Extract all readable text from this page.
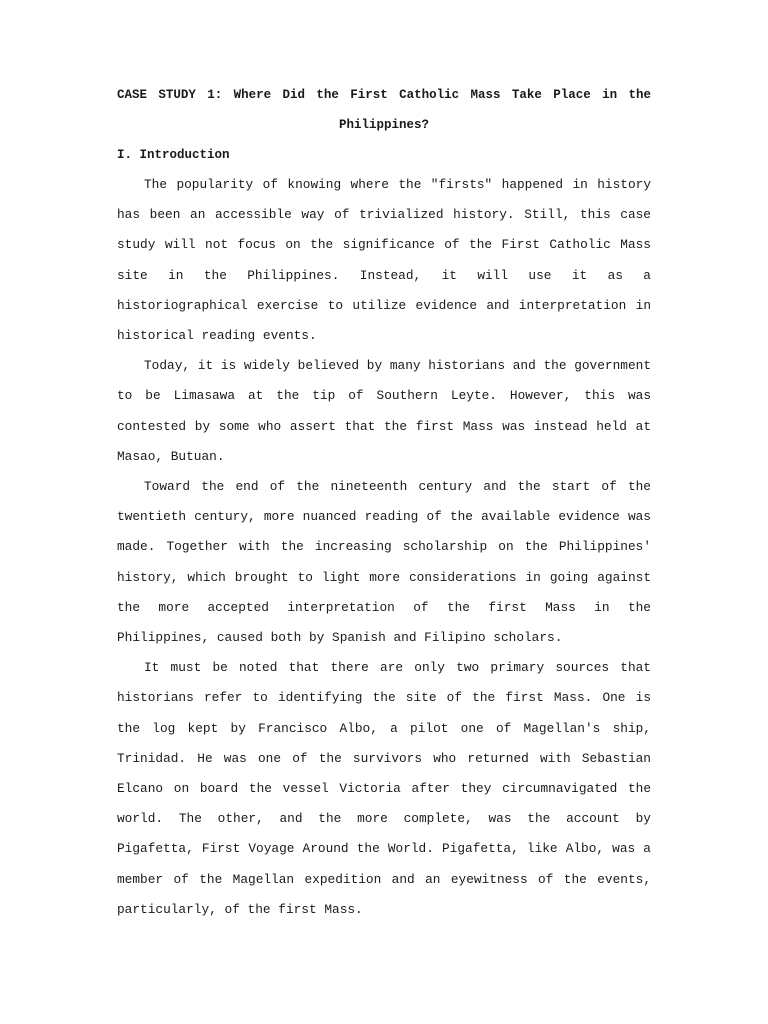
CASE STUDY 1: Where Did the First Catholic Mass Take Place in the
Philippines?
I. Introduction

The popularity of knowing where the "firsts" happened in history has been an accessible way of trivialized history. Still, this case study will not focus on the significance of the First Catholic Mass site in the Philippines. Instead, it will use it as a historiographical exercise to utilize evidence and interpretation in historical reading events.

Today, it is widely believed by many historians and the government to be Limasawa at the tip of Southern Leyte. However, this was contested by some who assert that the first Mass was instead held at Masao, Butuan.

Toward the end of the nineteenth century and the start of the twentieth century, more nuanced reading of the available evidence was made. Together with the increasing scholarship on the Philippines' history, which brought to light more considerations in going against the more accepted interpretation of the first Mass in the Philippines, caused both by Spanish and Filipino scholars.

It must be noted that there are only two primary sources that historians refer to identifying the site of the first Mass. One is the log kept by Francisco Albo, a pilot one of Magellan's ship, Trinidad. He was one of the survivors who returned with Sebastian Elcano on board the vessel Victoria after they circumnavigated the world. The other, and the more complete, was the account by Pigafetta, First Voyage Around the World. Pigafetta, like Albo, was a member of the Magellan expedition and an eyewitness of the events, particularly, of the first Mass.
